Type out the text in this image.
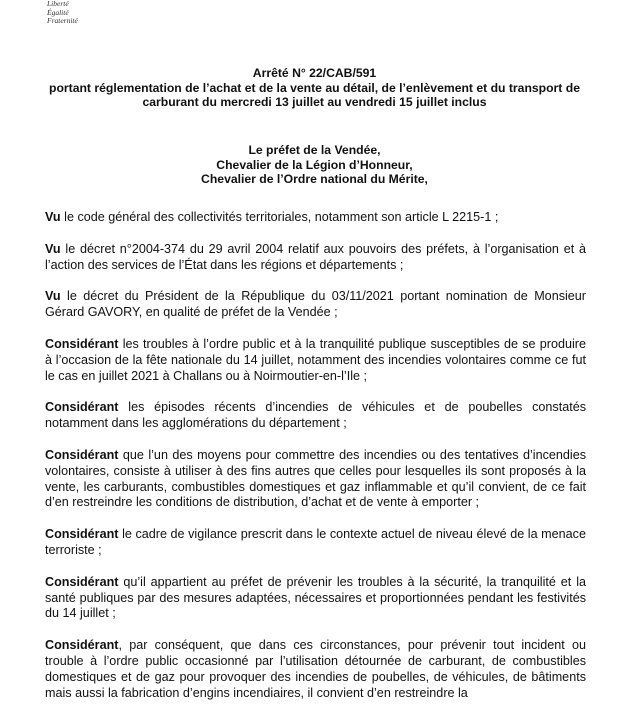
Liberté
Égalité
Fraternité
Arrêté N° 22/CAB/591
portant réglementation de l’achat et de la vente au détail, de l’enlèvement et du transport de carburant du mercredi 13 juillet au vendredi 15 juillet inclus
Le préfet de la Vendée,
Chevalier de la Légion d’Honneur,
Chevalier de l’Ordre national du Mérite,

Vu le code général des collectivités territoriales, notamment son article L 2215-1 ;

Vu le décret n°2004-374 du 29 avril 2004 relatif aux pouvoirs des préfets, à l’organisation et à l’action des services de l’État dans les régions et départements ;

Vu le décret du Président de la République du 03/11/2021 portant nomination de Monsieur Gérard GAVORY, en qualité de préfet de la Vendée ;

Considérant les troubles à l’ordre public et à la tranquilité publique susceptibles de se produire à l’occasion de la fête nationale du 14 juillet, notamment des incendies volontaires comme ce fut le cas en juillet 2021 à Challans ou à Noirmoutier-en-l’Ile ;

Considérant les épisodes récents d’incendies de véhicules et de poubelles constatés notamment dans les agglomérations du département ;

Considérant que l’un des moyens pour commettre des incendies ou des tentatives d’incendies volontaires, consiste à utiliser à des fins autres que celles pour lesquelles ils sont proposés à la vente, les carburants, combustibles domestiques et gaz inflammable et qu’il convient, de ce fait d’en restreindre les conditions de distribution, d’achat et de vente à emporter ;

Considérant le cadre de vigilance prescrit dans le contexte actuel de niveau élevé de la menace terroriste ;

Considérant qu’il appartient au préfet de prévenir les troubles à la sécurité, la tranquilité et la santé publiques par des mesures adaptées, nécessaires et proportionnées pendant les festivités du 14 juillet ;

Considérant, par conséquent, que dans ces circonstances, pour prévenir tout incident ou trouble à l’ordre public occasionné par l’utilisation détournée de carburant, de combustibles domestiques et de gaz pour provoquer des incendies de poubelles, de véhicules, de bâtiments mais aussi la fabrication d’engins incendiaires, il convient d’en restreindre la
